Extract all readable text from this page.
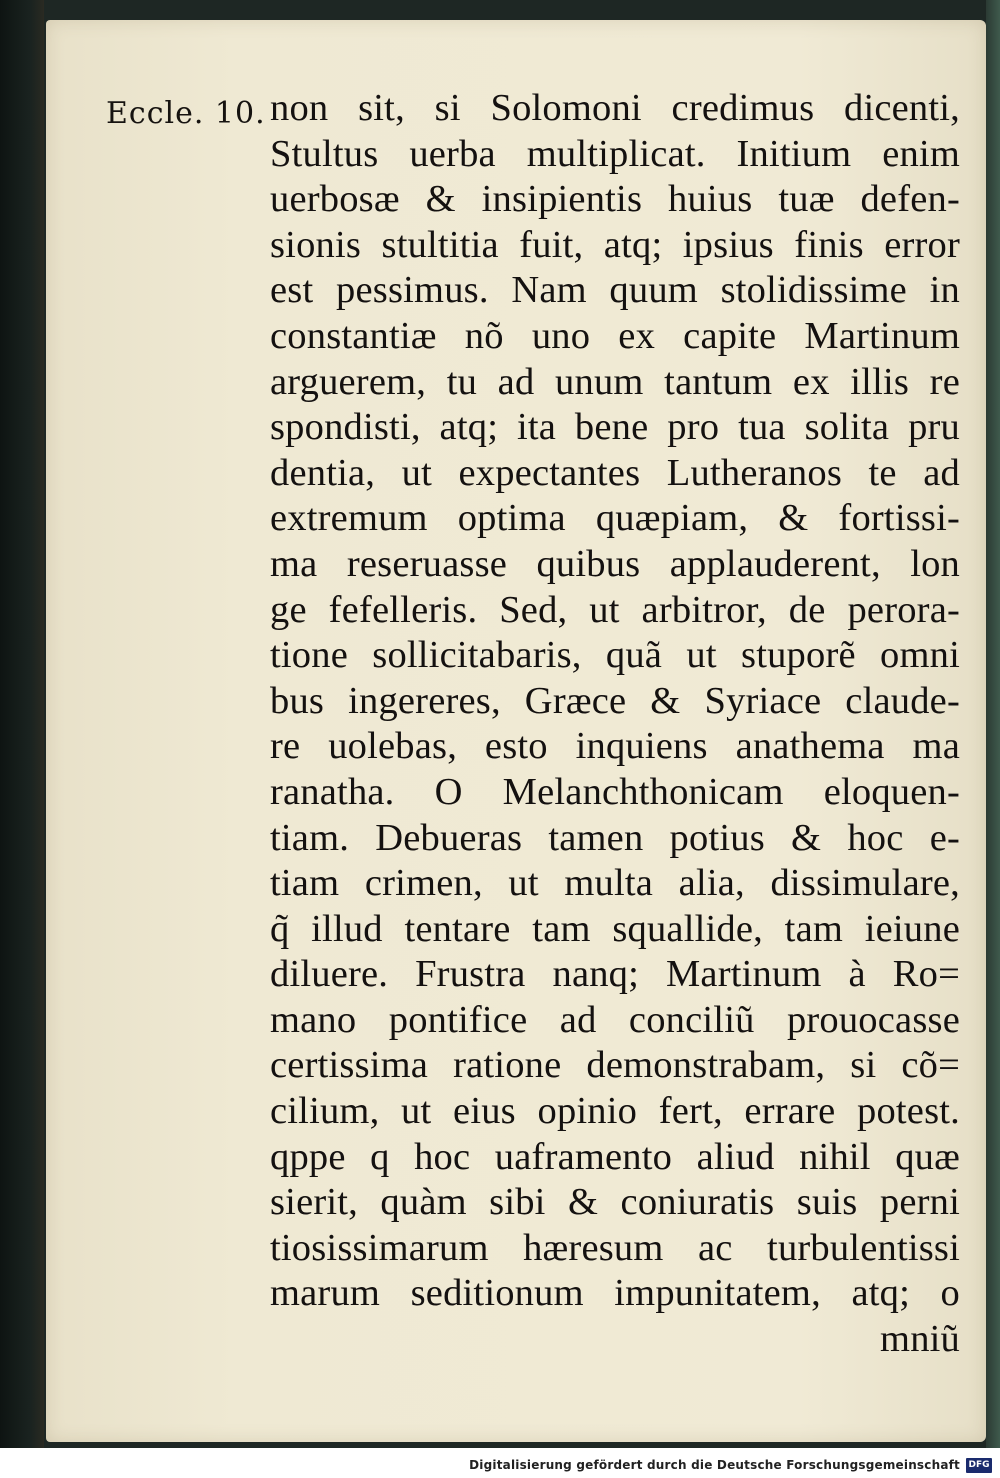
Eccle. 10. non sit, si Solomoni credimus dicenti,
Stultus uerba multiplicat. Initium enim
uerbosæ & insipientis huius tuæ defen-
sionis stultitia fuit, atq; ipsius finis error
est pessimus. Nam quum stolidissime in
constantiæ nõ uno ex capite Martinum
arguerem, tu ad unum tantum ex illis re
spondisti, atq; ita bene pro tua solita pru
dentia, ut expectantes Lutheranos te ad
extremum optima quæpiam, & fortissi-
ma reseruasse quibus applauderent, lon
ge fefelleris. Sed, ut arbitror, de perora-
tione sollicitabaris, quã ut stuporẽ omni
bus ingereres, Græce & Syriace claude-
re uolebas, esto inquiens anathema ma
ranatha. O Melanchthonicam eloquen-
tiam. Debueras tamen potius & hoc e-
tiam crimen, ut multa alia, dissimulare,
q̃ illud tentare tam squallide, tam ieiune
diluere. Frustra nanq; Martinum à Ro=
mano pontifice ad conciliũ prouocasse
certissima ratione demonstrabam, si cõ=
cilium, ut eius opinio fert, errare potest.
qppe q hoc uaframento aliud nihil quæ
sierit, quàm sibi & coniuratis suis perni
tiosissimarum hæresum ac turbulentissi
marum seditionum impunitatem, atq; o
mniũ
Digitalisierung gefördert durch die Deutsche Forschungsgemeinschaft DFG
